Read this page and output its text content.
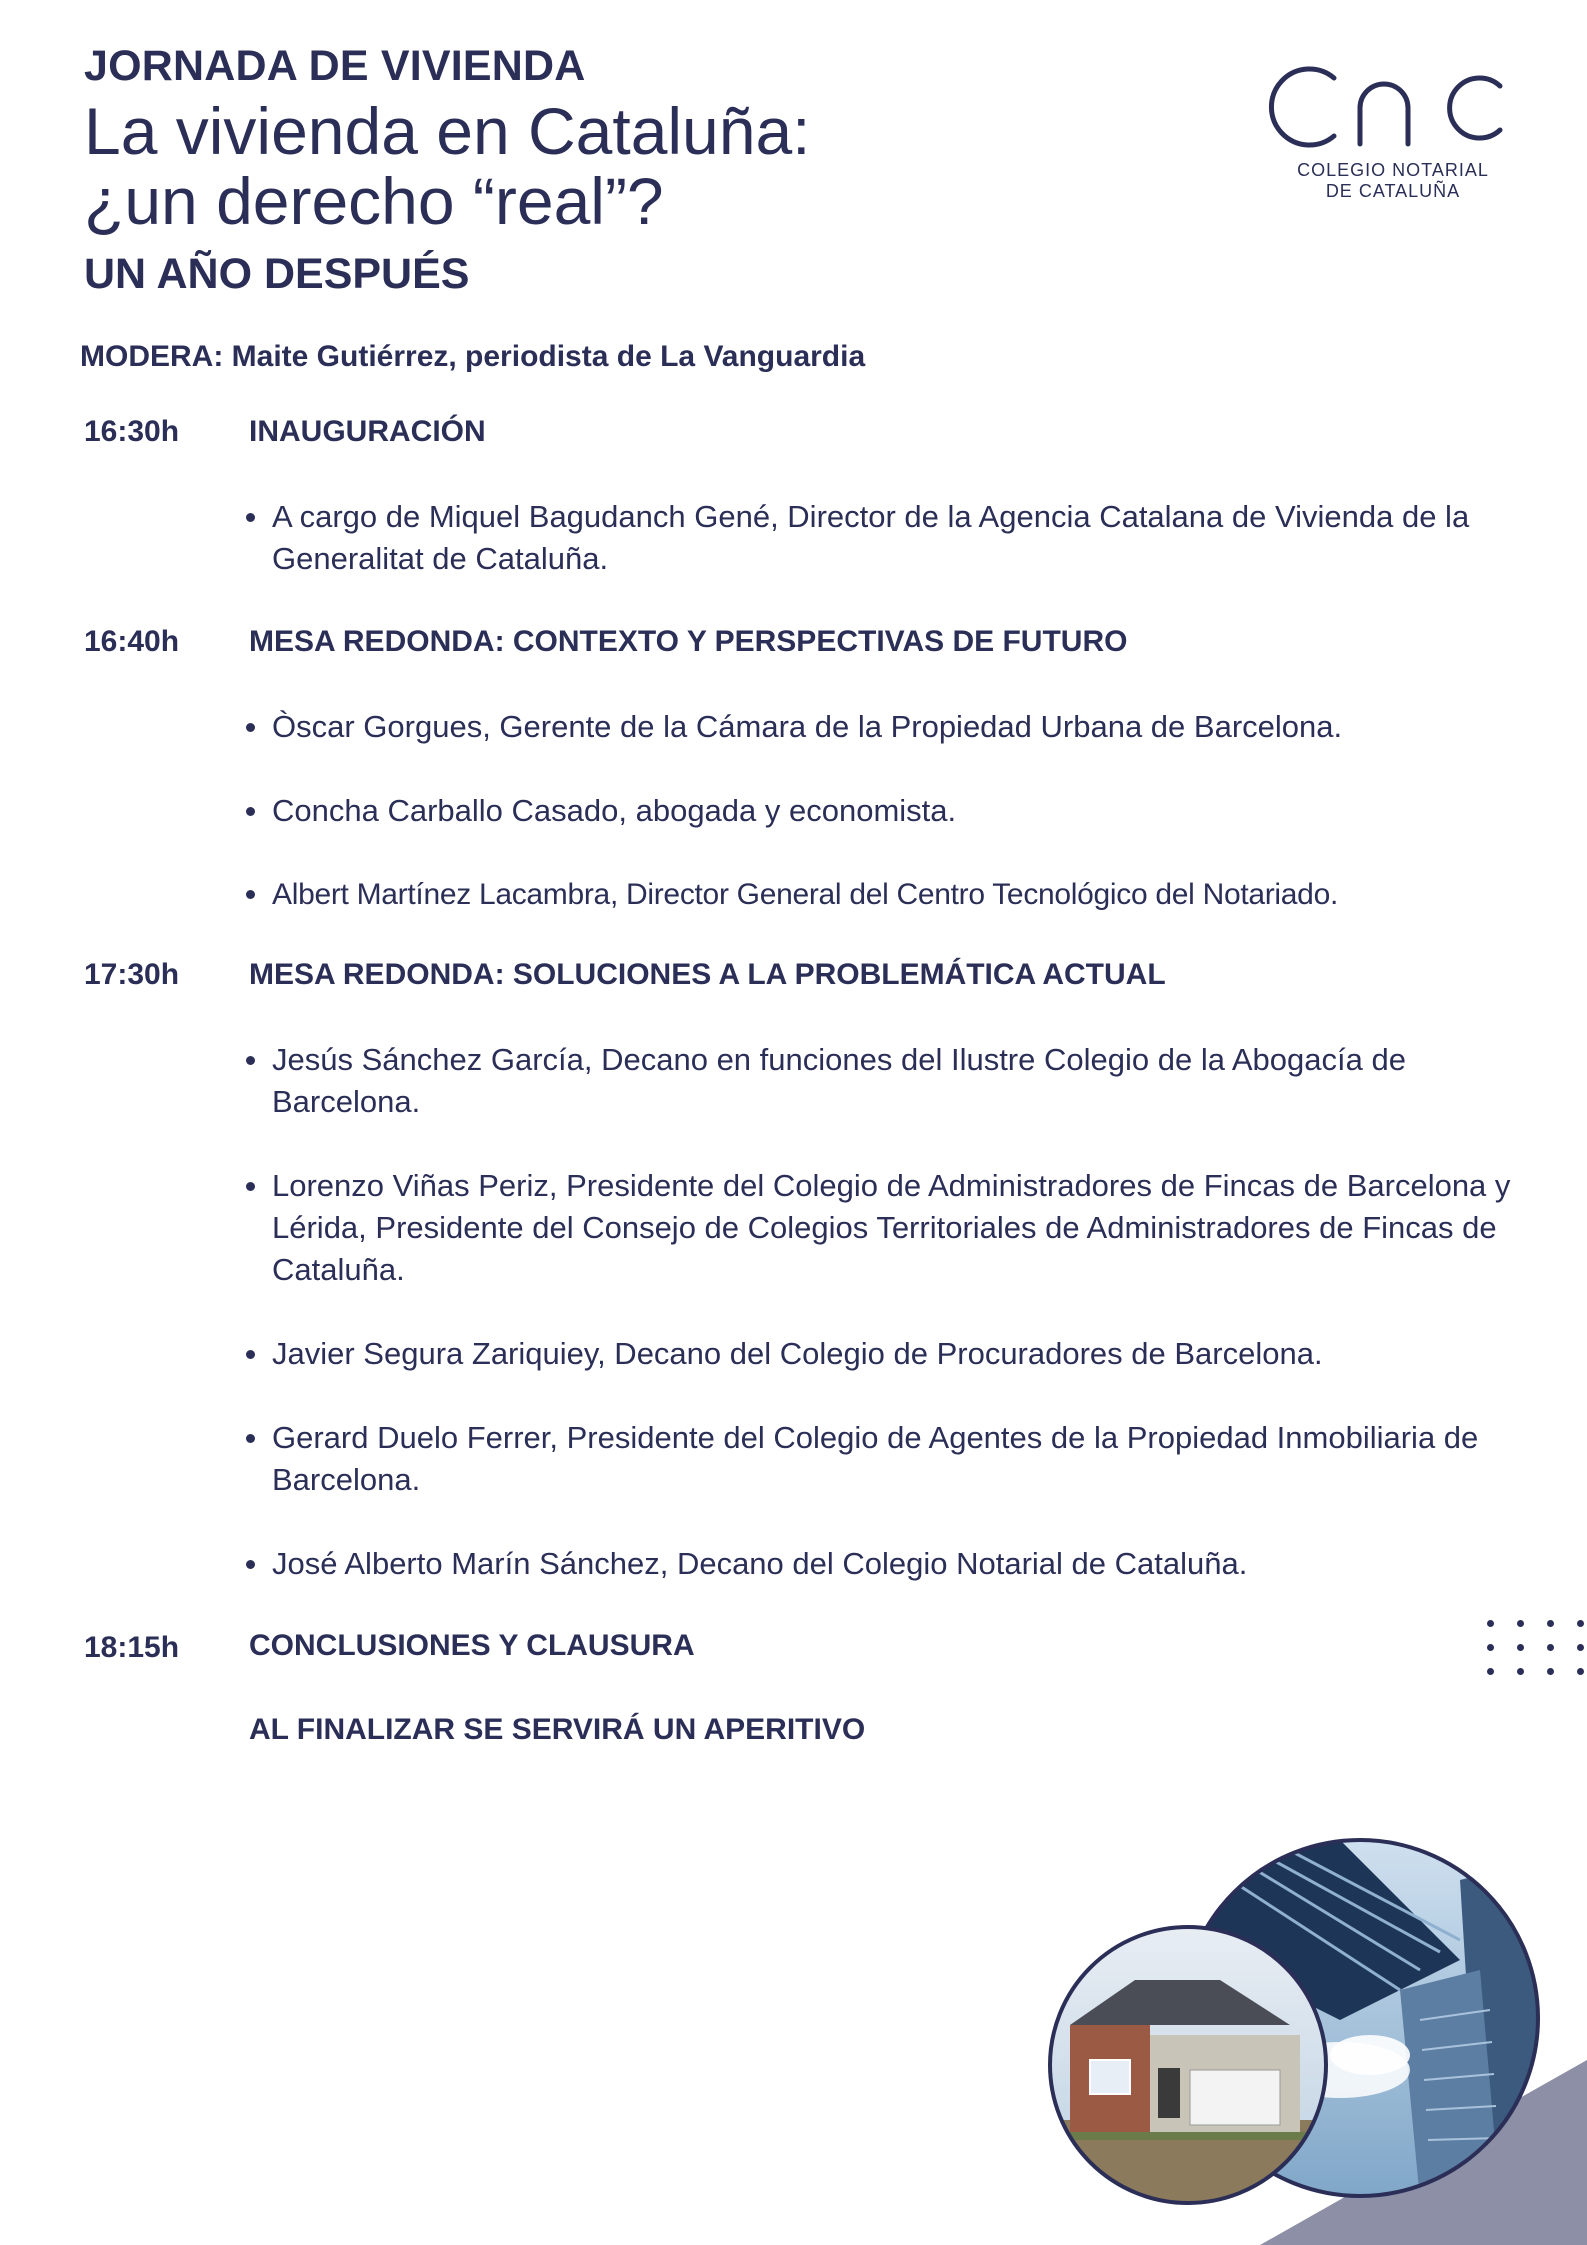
JORNADA DE VIVIENDA
La vivienda en Cataluña:
¿un derecho “real”?
UN AÑO DESPUÉS
COLEGIO NOTARIAL
DE CATALUÑA
MODERA: Maite Gutiérrez, periodista de La Vanguardia
16:30h INAUGURACIÓN
A cargo de Miquel Bagudanch Gené, Director de la Agencia Catalana de Vivienda de la Generalitat de Cataluña.
16:40h MESA REDONDA: CONTEXTO Y PERSPECTIVAS DE FUTURO
Òscar Gorgues, Gerente de la Cámara de la Propiedad Urbana de Barcelona.
Concha Carballo Casado, abogada y economista.
Albert Martínez Lacambra, Director General del Centro Tecnológico del Notariado.
17:30h MESA REDONDA: SOLUCIONES A LA PROBLEMÁTICA ACTUAL
Jesús Sánchez García, Decano en funciones del Ilustre Colegio de la Abogacía de Barcelona.
Lorenzo Viñas Periz, Presidente del Colegio de Administradores de Fincas de Barcelona y Lérida, Presidente del Consejo de Colegios Territoriales de Administradores de Fincas de Cataluña.
Javier Segura Zariquiey, Decano del Colegio de Procuradores de Barcelona.
Gerard Duelo Ferrer, Presidente del Colegio de Agentes de la Propiedad Inmobiliaria de Barcelona.
José Alberto Marín Sánchez, Decano del Colegio Notarial de Cataluña.
18:15h CONCLUSIONES Y CLAUSURA
AL FINALIZAR SE SERVIRÁ UN APERITIVO
